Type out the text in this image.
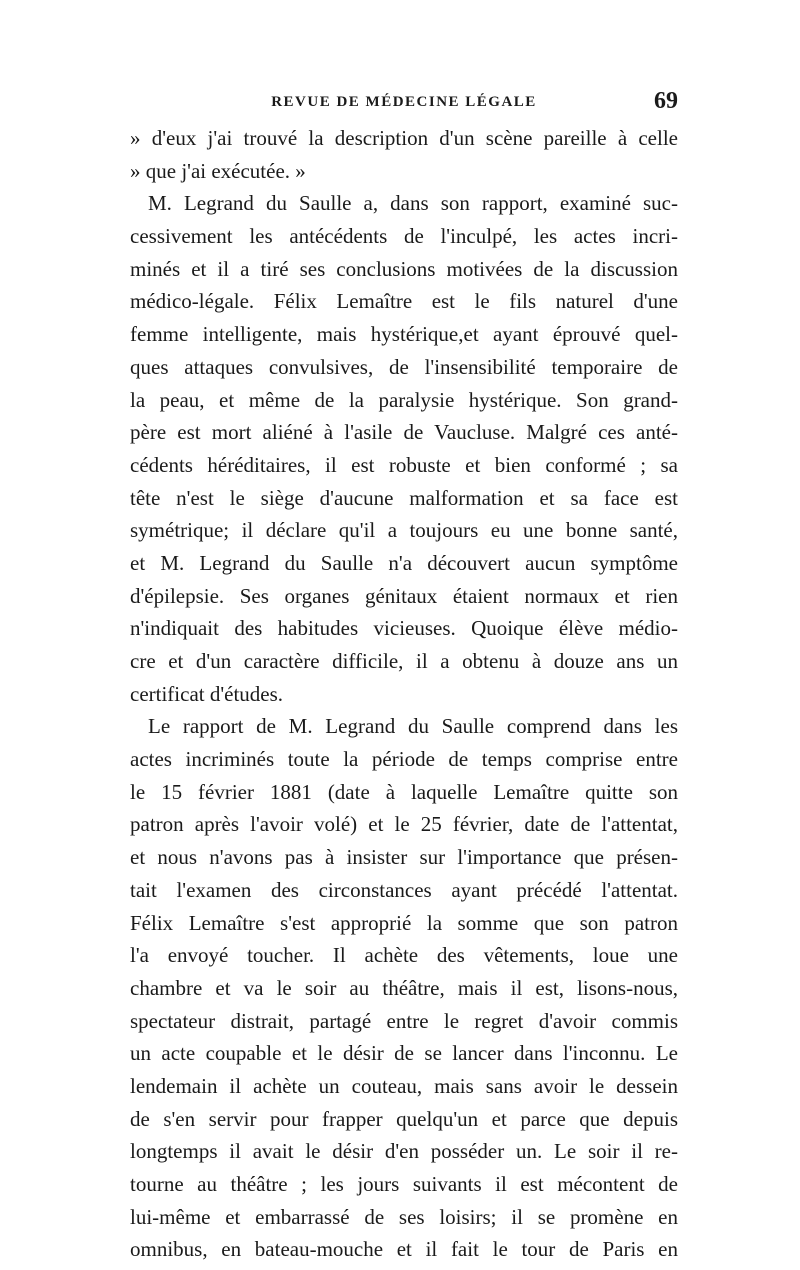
REVUE DE MÉDECINE LÉGALE	69
» d'eux j'ai trouvé la description d'un scène pareille à celle
» que j'ai exécutée. »
M. Legrand du Saulle a, dans son rapport, examiné suc-
cessivement les antécédents de l'inculpé, les actes incri-
minés et il a tiré ses conclusions motivées de la discussion
médico-légale. Félix Lemaître est le fils naturel d'une
femme intelligente, mais hystérique,et ayant éprouvé quel-
ques attaques convulsives, de l'insensibilité temporaire de
la peau, et même de la paralysie hystérique. Son grand-
père est mort aliéné à l'asile de Vaucluse. Malgré ces anté-
cédents héréditaires, il est robuste et bien conformé ; sa
tête n'est le siège d'aucune malformation et sa face est
symétrique; il déclare qu'il a toujours eu une bonne santé,
et M. Legrand du Saulle n'a découvert aucun symptôme
d'épilepsie. Ses organes génitaux étaient normaux et rien
n'indiquait des habitudes vicieuses. Quoique élève médio-
cre et d'un caractère difficile, il a obtenu à douze ans un
certificat d'études.
Le rapport de M. Legrand du Saulle comprend dans les
actes incriminés toute la période de temps comprise entre
le 15 février 1881 (date à laquelle Lemaître quitte son
patron après l'avoir volé) et le 25 février, date de l'attentat,
et nous n'avons pas à insister sur l'importance que présen-
tait l'examen des circonstances ayant précédé l'attentat.
Félix Lemaître s'est approprié la somme que son patron
l'a envoyé toucher. Il achète des vêtements, loue une
chambre et va le soir au théâtre, mais il est, lisons-nous,
spectateur distrait, partagé entre le regret d'avoir commis
un acte coupable et le désir de se lancer dans l'inconnu. Le
lendemain il achète un couteau, mais sans avoir le dessein
de s'en servir pour frapper quelqu'un et parce que depuis
longtemps il avait le désir d'en posséder un. Le soir il re-
tourne au théâtre ; les jours suivants il est mécontent de
lui-même et embarrassé de ses loisirs; il se promène en
omnibus, en bateau-mouche et il fait le tour de Paris en
